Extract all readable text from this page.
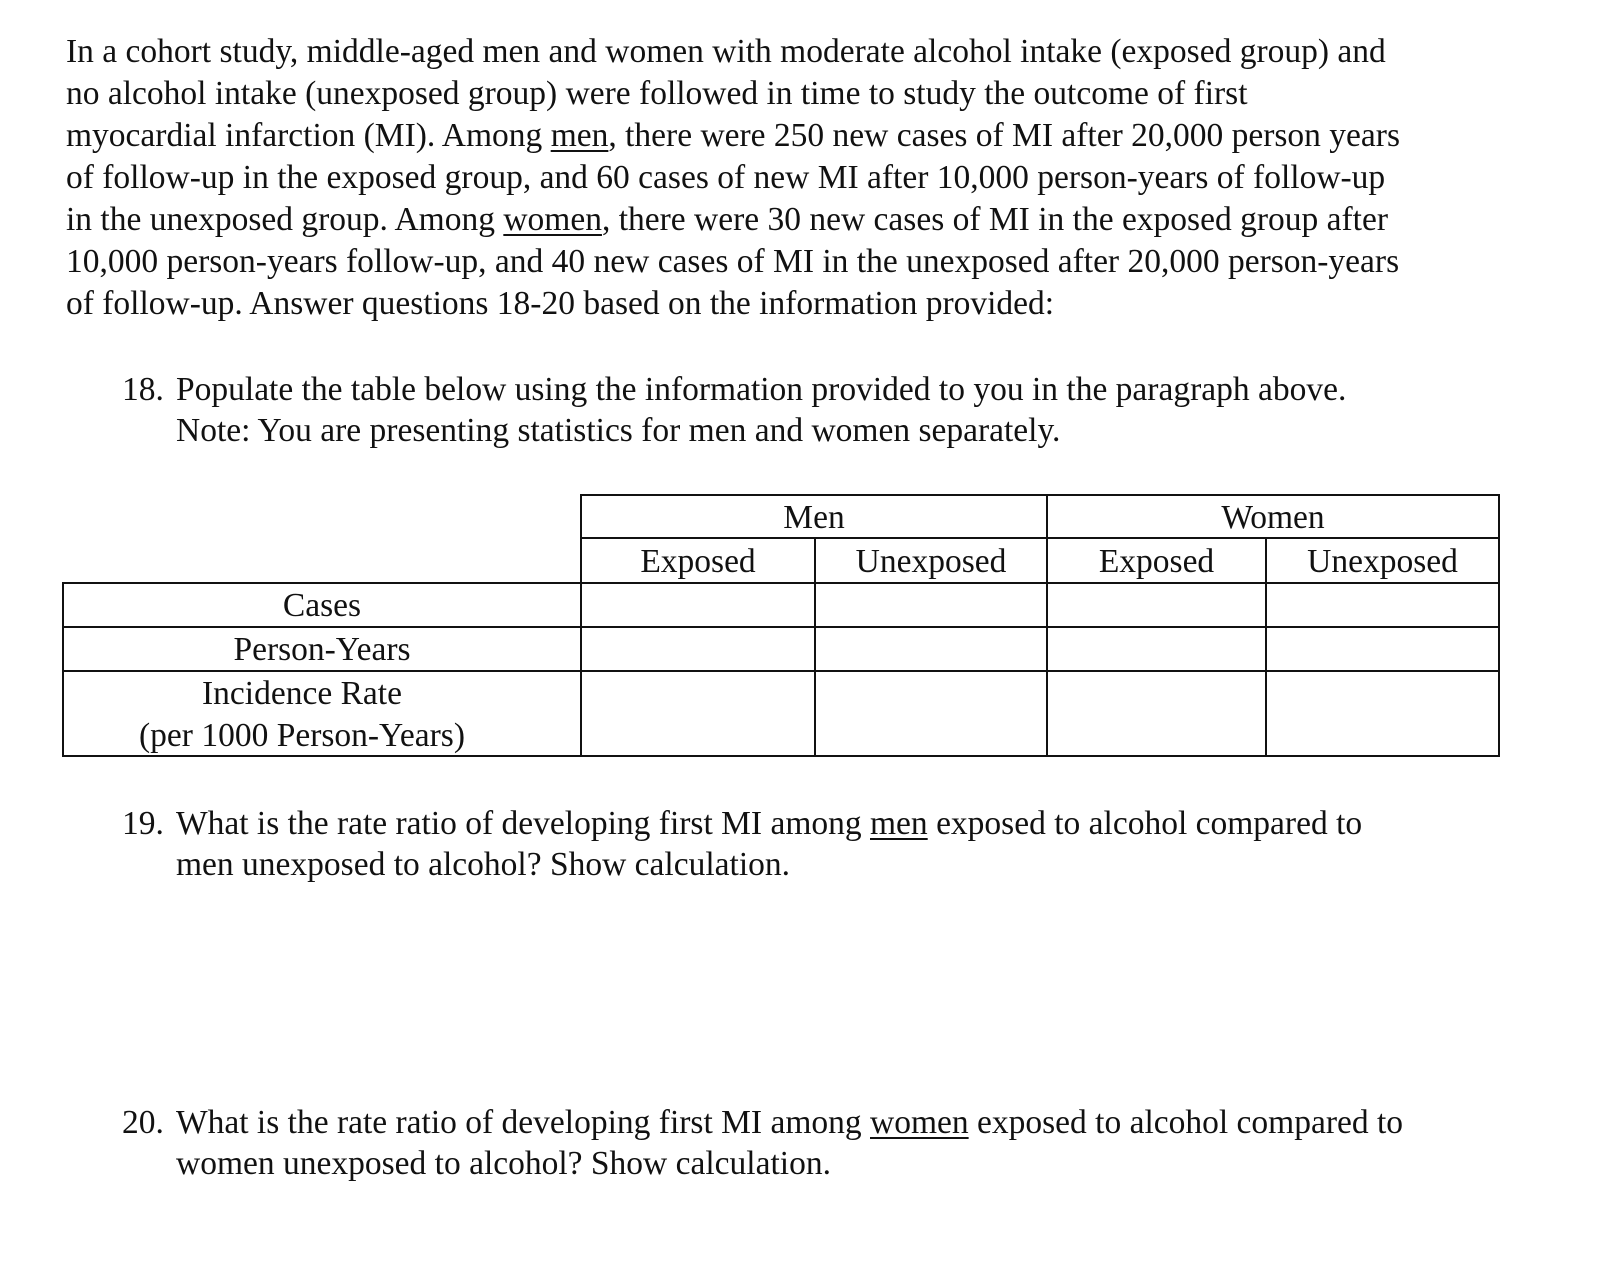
In a cohort study, middle-aged men and women with moderate alcohol intake (exposed group) and
no alcohol intake (unexposed group) were followed in time to study the outcome of first
myocardial infarction (MI). Among men, there were 250 new cases of MI after 20,000 person years
of follow-up in the exposed group, and 60 cases of new MI after 10,000 person-years of follow-up
in the unexposed group. Among women, there were 30 new cases of MI in the exposed group after
10,000 person-years follow-up, and 40 new cases of MI in the unexposed after 20,000 person-years
of follow-up. Answer questions 18-20 based on the information provided:
18. Populate the table below using the information provided to you in the paragraph above.
Note: You are presenting statistics for men and women separately.
Men	Women
Exposed	Unexposed	Exposed	Unexposed
Cases
Person-Years
Incidence Rate
(per 1000 Person-Years)
19. What is the rate ratio of developing first MI among men exposed to alcohol compared to
men unexposed to alcohol? Show calculation.
20. What is the rate ratio of developing first MI among women exposed to alcohol compared to
women unexposed to alcohol? Show calculation.
